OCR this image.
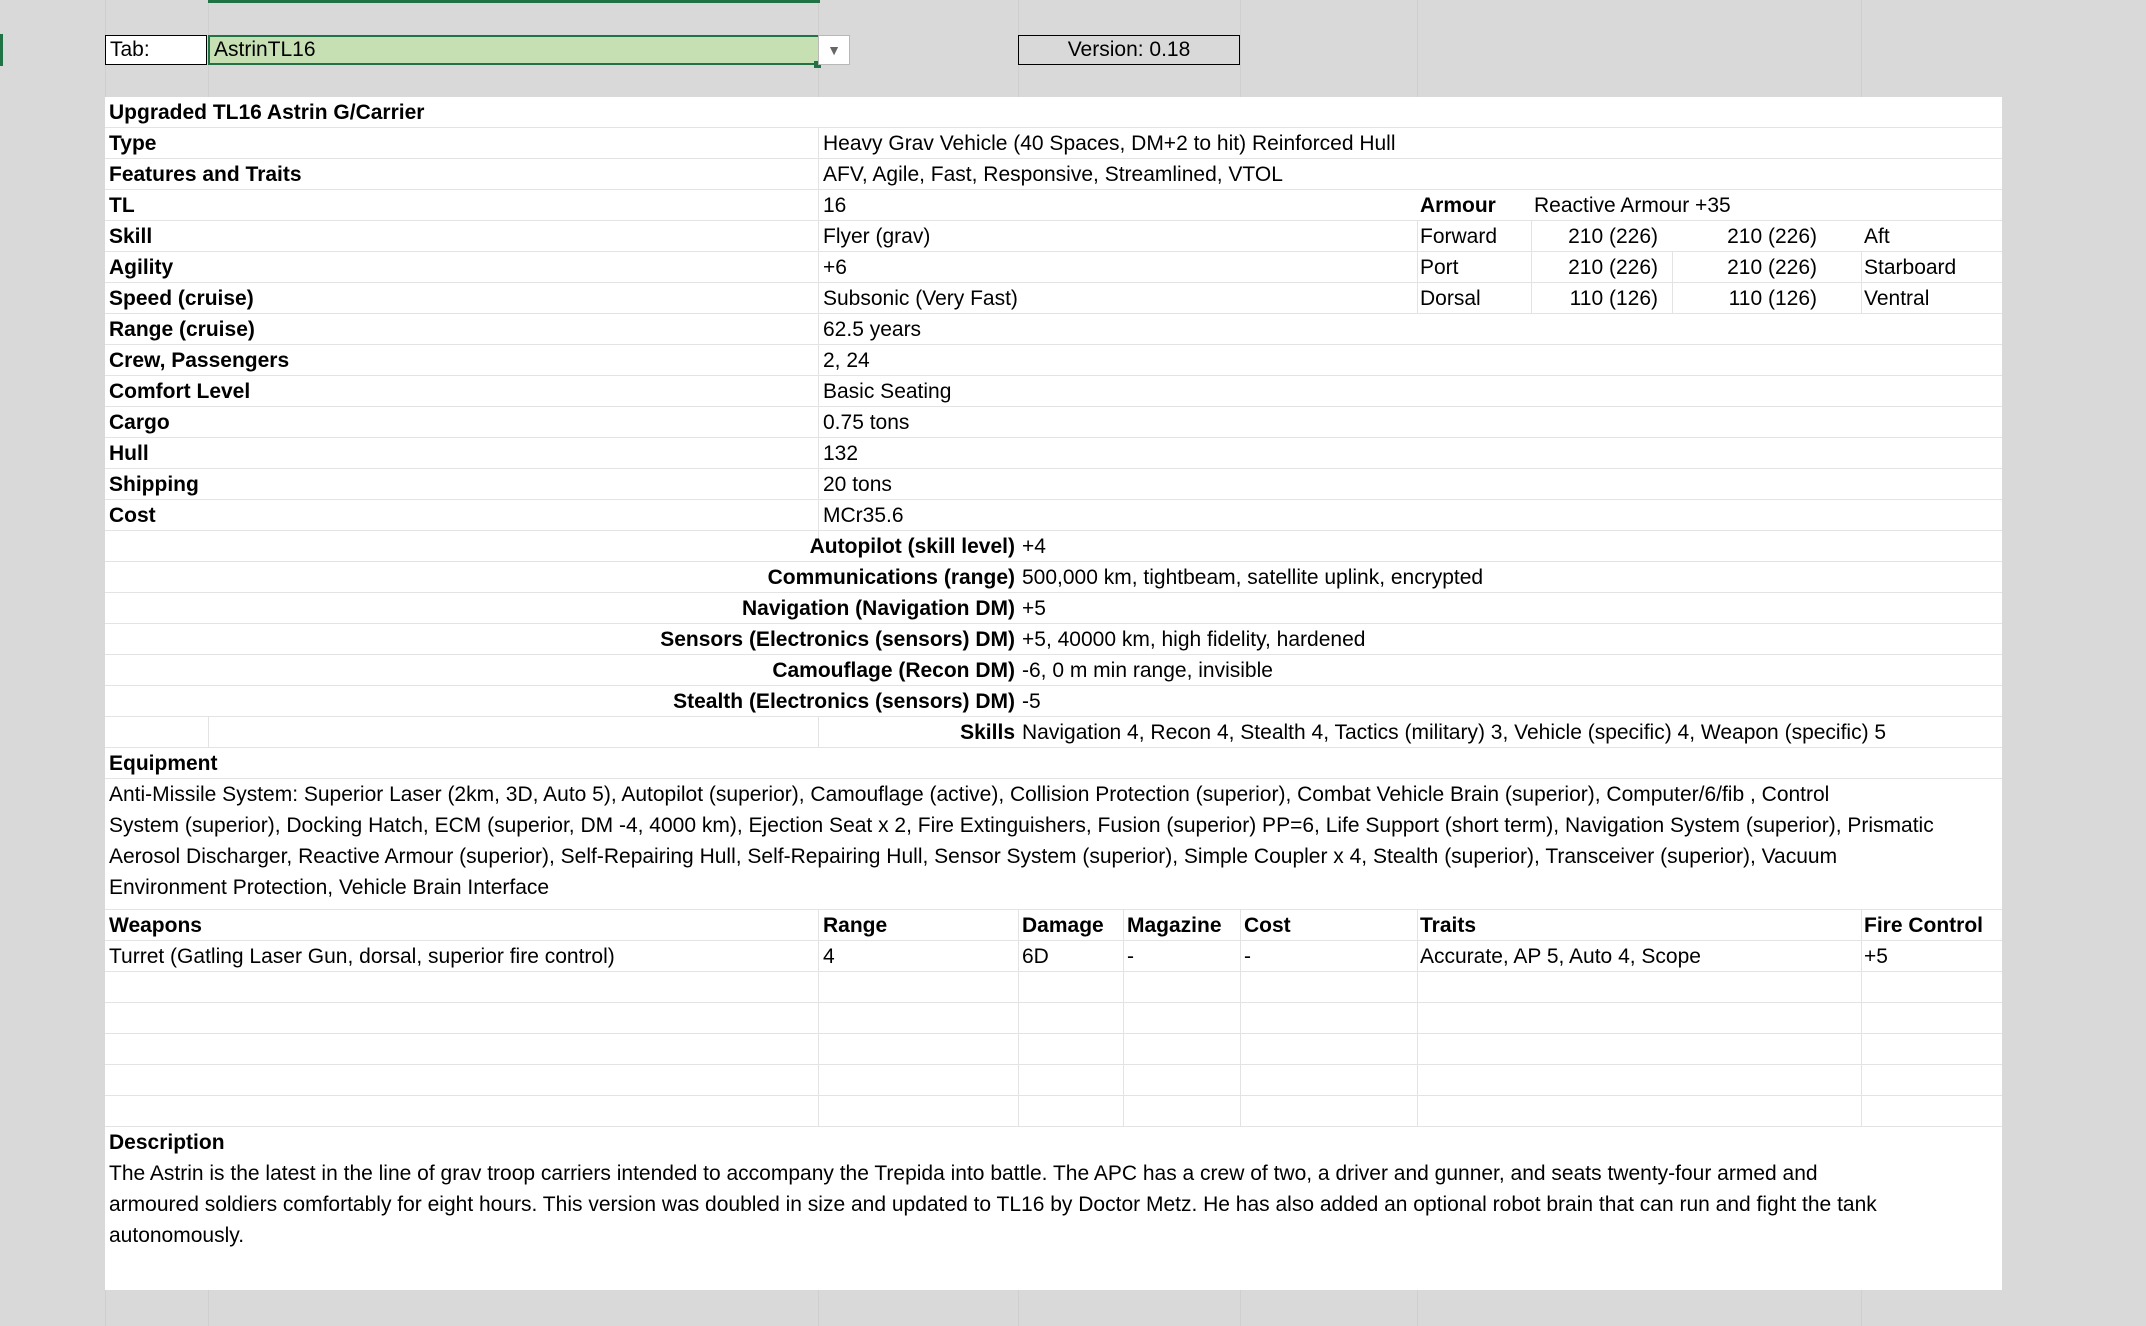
Tab:	AstrinTL16	▼	Version: 0.18
Upgraded TL16 Astrin G/Carrier
Type	Heavy Grav Vehicle (40 Spaces, DM+2 to hit) Reinforced Hull
Features and Traits	AFV, Agile, Fast, Responsive, Streamlined, VTOL
TL	16
Skill	Flyer (grav)
Agility	+6
Speed (cruise)	Subsonic (Very Fast)
Range (cruise)	62.5 years
Crew, Passengers	2, 24
Comfort Level	Basic Seating
Cargo	0.75 tons
Hull	132
Shipping	20 tons
Cost	MCr35.6
Armour Reactive Armour +35
Forward	210 (226)	210 (226) Aft
Port	210 (226)	210 (226) Starboard
Dorsal	110 (126)	110 (126) Ventral
Autopilot (skill level) +4
Communications (range) 500,000 km, tightbeam, satellite uplink, encrypted
Navigation (Navigation DM) +5
Sensors (Electronics (sensors) DM) +5, 40000 km, high fidelity, hardened
Camouflage (Recon DM) -6, 0 m min range, invisible
Stealth (Electronics (sensors) DM) -5
Skills Navigation 4, Recon 4, Stealth 4, Tactics (military) 3, Vehicle (specific) 4, Weapon (specific) 5
Equipment
Anti-Missile System: Superior Laser (2km, 3D, Auto 5), Autopilot (superior), Camouflage (active), Collision Protection (superior), Combat Vehicle Brain (superior), Computer/6/fib , Control
System (superior), Docking Hatch, ECM (superior, DM -4, 4000 km), Ejection Seat x 2, Fire Extinguishers, Fusion (superior) PP=6, Life Support (short term), Navigation System (superior), Prismatic
Aerosol Discharger, Reactive Armour (superior), Self-Repairing Hull, Self-Repairing Hull, Sensor System (superior), Simple Coupler x 4, Stealth (superior), Transceiver (superior), Vacuum
Environment Protection, Vehicle Brain Interface
Weapons	Range	Damage Magazine Cost	Traits	Fire Control
Turret (Gatling Laser Gun, dorsal, superior fire control)	4	6D	-	-	Accurate, AP 5, Auto 4, Scope	+5
Description
The Astrin is the latest in the line of grav troop carriers intended to accompany the Trepida into battle. The APC has a crew of two, a driver and gunner, and seats twenty-four armed and
armoured soldiers comfortably for eight hours. This version was doubled in size and updated to TL16 by Doctor Metz. He has also added an optional robot brain that can run and fight the tank
autonomously.
